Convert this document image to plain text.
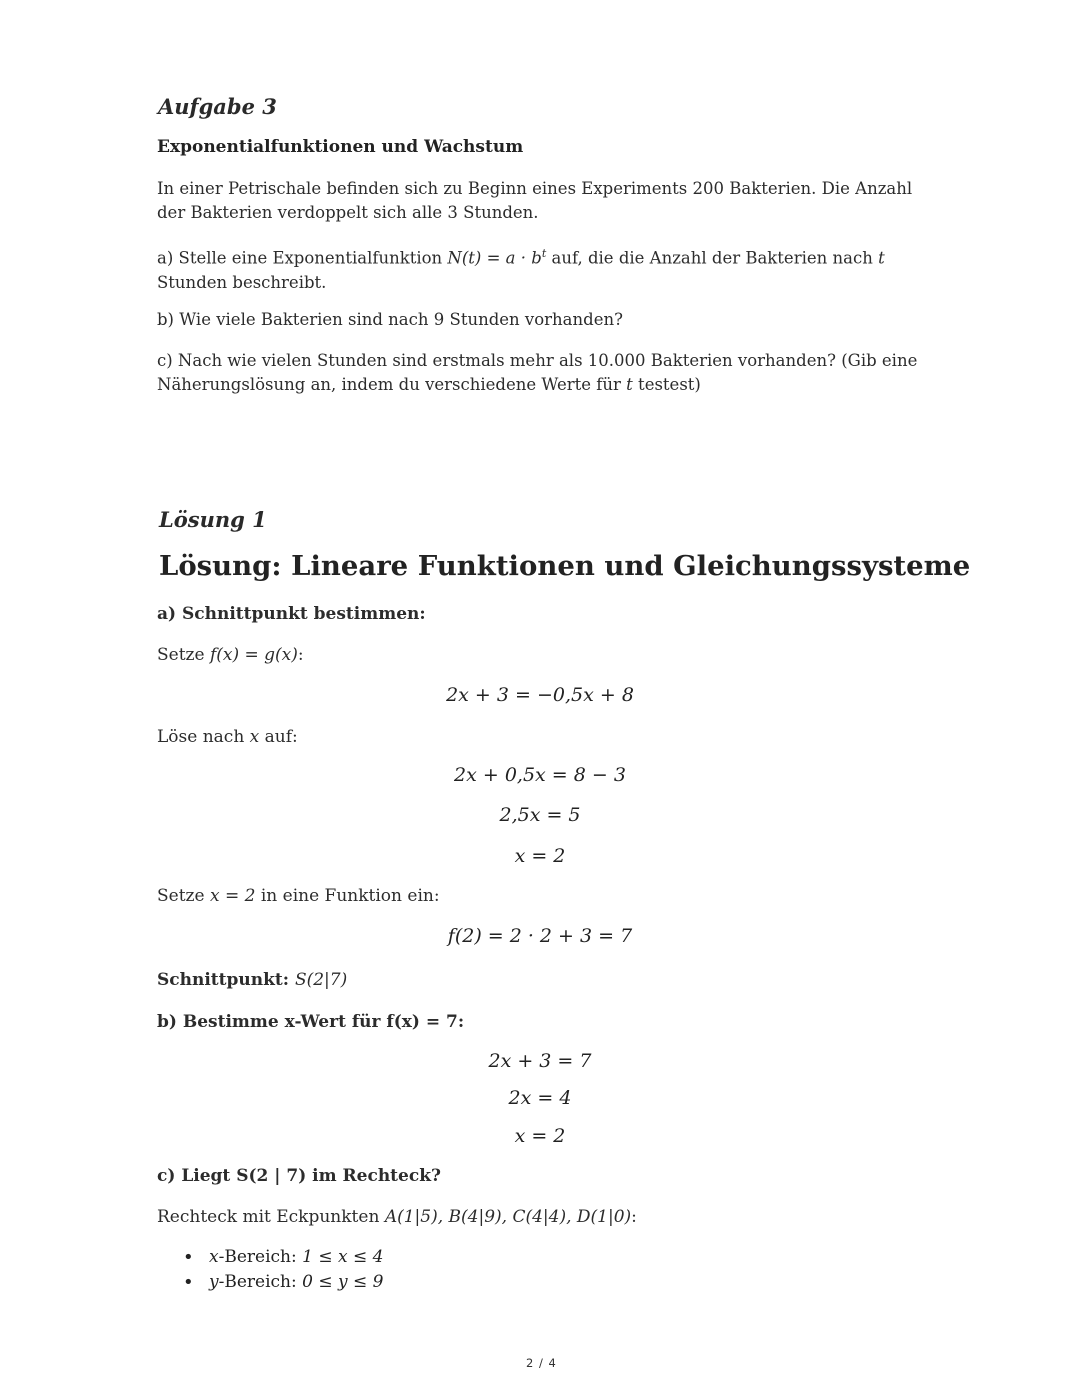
Aufgabe 3
Exponentialfunktionen und Wachstum
In einer Petrischale befinden sich zu Beginn eines Experiments 200 Bakterien. Die Anzahl
der Bakterien verdoppelt sich alle 3 Stunden.
a) Stelle eine Exponentialfunktion $N(t) = a \cdot b^t$ auf, die die Anzahl der Bakterien nach t
Stunden beschreibt.
b) Wie viele Bakterien sind nach 9 Stunden vorhanden?
c) Nach wie vielen Stunden sind erstmals mehr als 10.000 Bakterien vorhanden? (Gib eine
Näherungslösung an, indem du verschiedene Werte für t testest)
Lösung 1
Lösung: Lineare Funktionen und Gleichungssysteme
a) Schnittpunkt bestimmen:
Setze f(x) = g(x):
2x + 3 = −0,5x + 8
Löse nach x auf:
2x + 0,5x = 8 − 3
2,5x = 5
x = 2
Setze x = 2 in eine Funktion ein:
f(2) = 2 · 2 + 3 = 7
Schnittpunkt: S(2|7)
b) Bestimme x-Wert für f(x) = 7:
2x + 3 = 7
2x = 4
x = 2
c) Liegt S(2 | 7) im Rechteck?
Rechteck mit Eckpunkten A(1|5), B(4|9), C(4|4), D(1|0):
• x-Bereich: 1 ≤ x ≤ 4
• y-Bereich: 0 ≤ y ≤ 9
2 / 4
